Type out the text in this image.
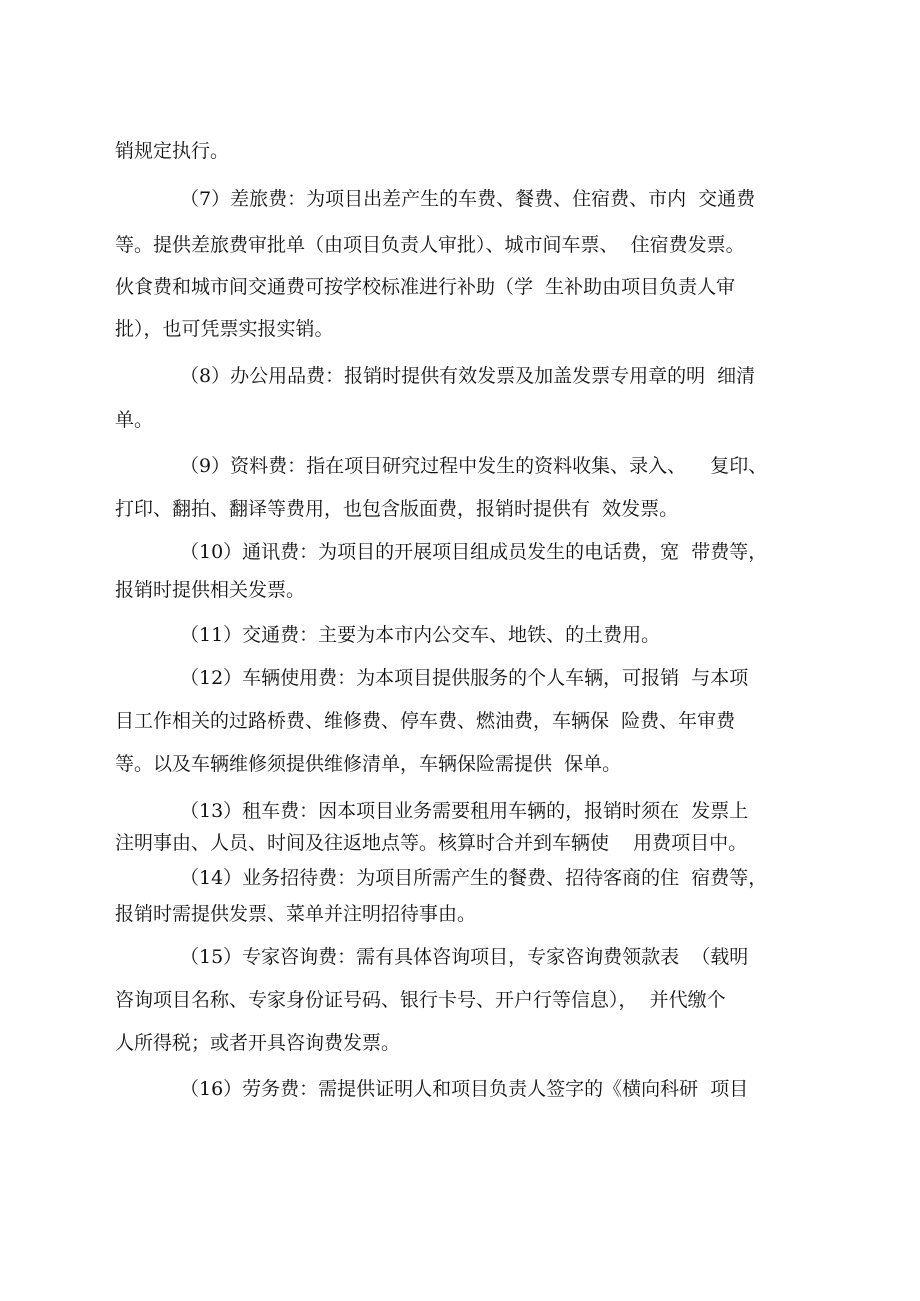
销规定执行。
（7）差旅费：为项目出差产生的车费、餐费、住宿费、市内  交通费
等。提供差旅费审批单（由项目负责人审批）、城市间车票、  住宿费发票。
伙食费和城市间交通费可按学校标准进行补助（学  生补助由项目负责人审
批），也可凭票实报实销。
（8）办公用品费：报销时提供有效发票及加盖发票专用章的明  细清
单。
（9）资料费：指在项目研究过程中发生的资料收集、录入、    复印、
打印、翻拍、翻译等费用，也包含版面费，报销时提供有  效发票。
（10）通讯费：为项目的开展项目组成员发生的电话费，宽  带费等，
报销时提供相关发票。
（11）交通费：主要为本市内公交车、地铁、的土费用。
（12）车辆使用费：为本项目提供服务的个人车辆，可报销  与本项
目工作相关的过路桥费、维修费、停车费、燃油费，车辆保  险费、年审费
等。以及车辆维修须提供维修清单，车辆保险需提供  保单。
（13）租车费：因本项目业务需要租用车辆的，报销时须在  发票上
注明事由、人员、时间及往返地点等。核算时合并到车辆使    用费项目中。
（14）业务招待费：为项目所需产生的餐费、招待客商的住  宿费等，
报销时需提供发票、菜单并注明招待事由。
（15）专家咨询费：需有具体咨询项目，专家咨询费领款表  （载明
咨询项目名称、专家身份证号码、银行卡号、开户行等信息），  并代缴个
人所得税；或者开具咨询费发票。
（16）劳务费：需提供证明人和项目负责人签字的《横向科研  项目
